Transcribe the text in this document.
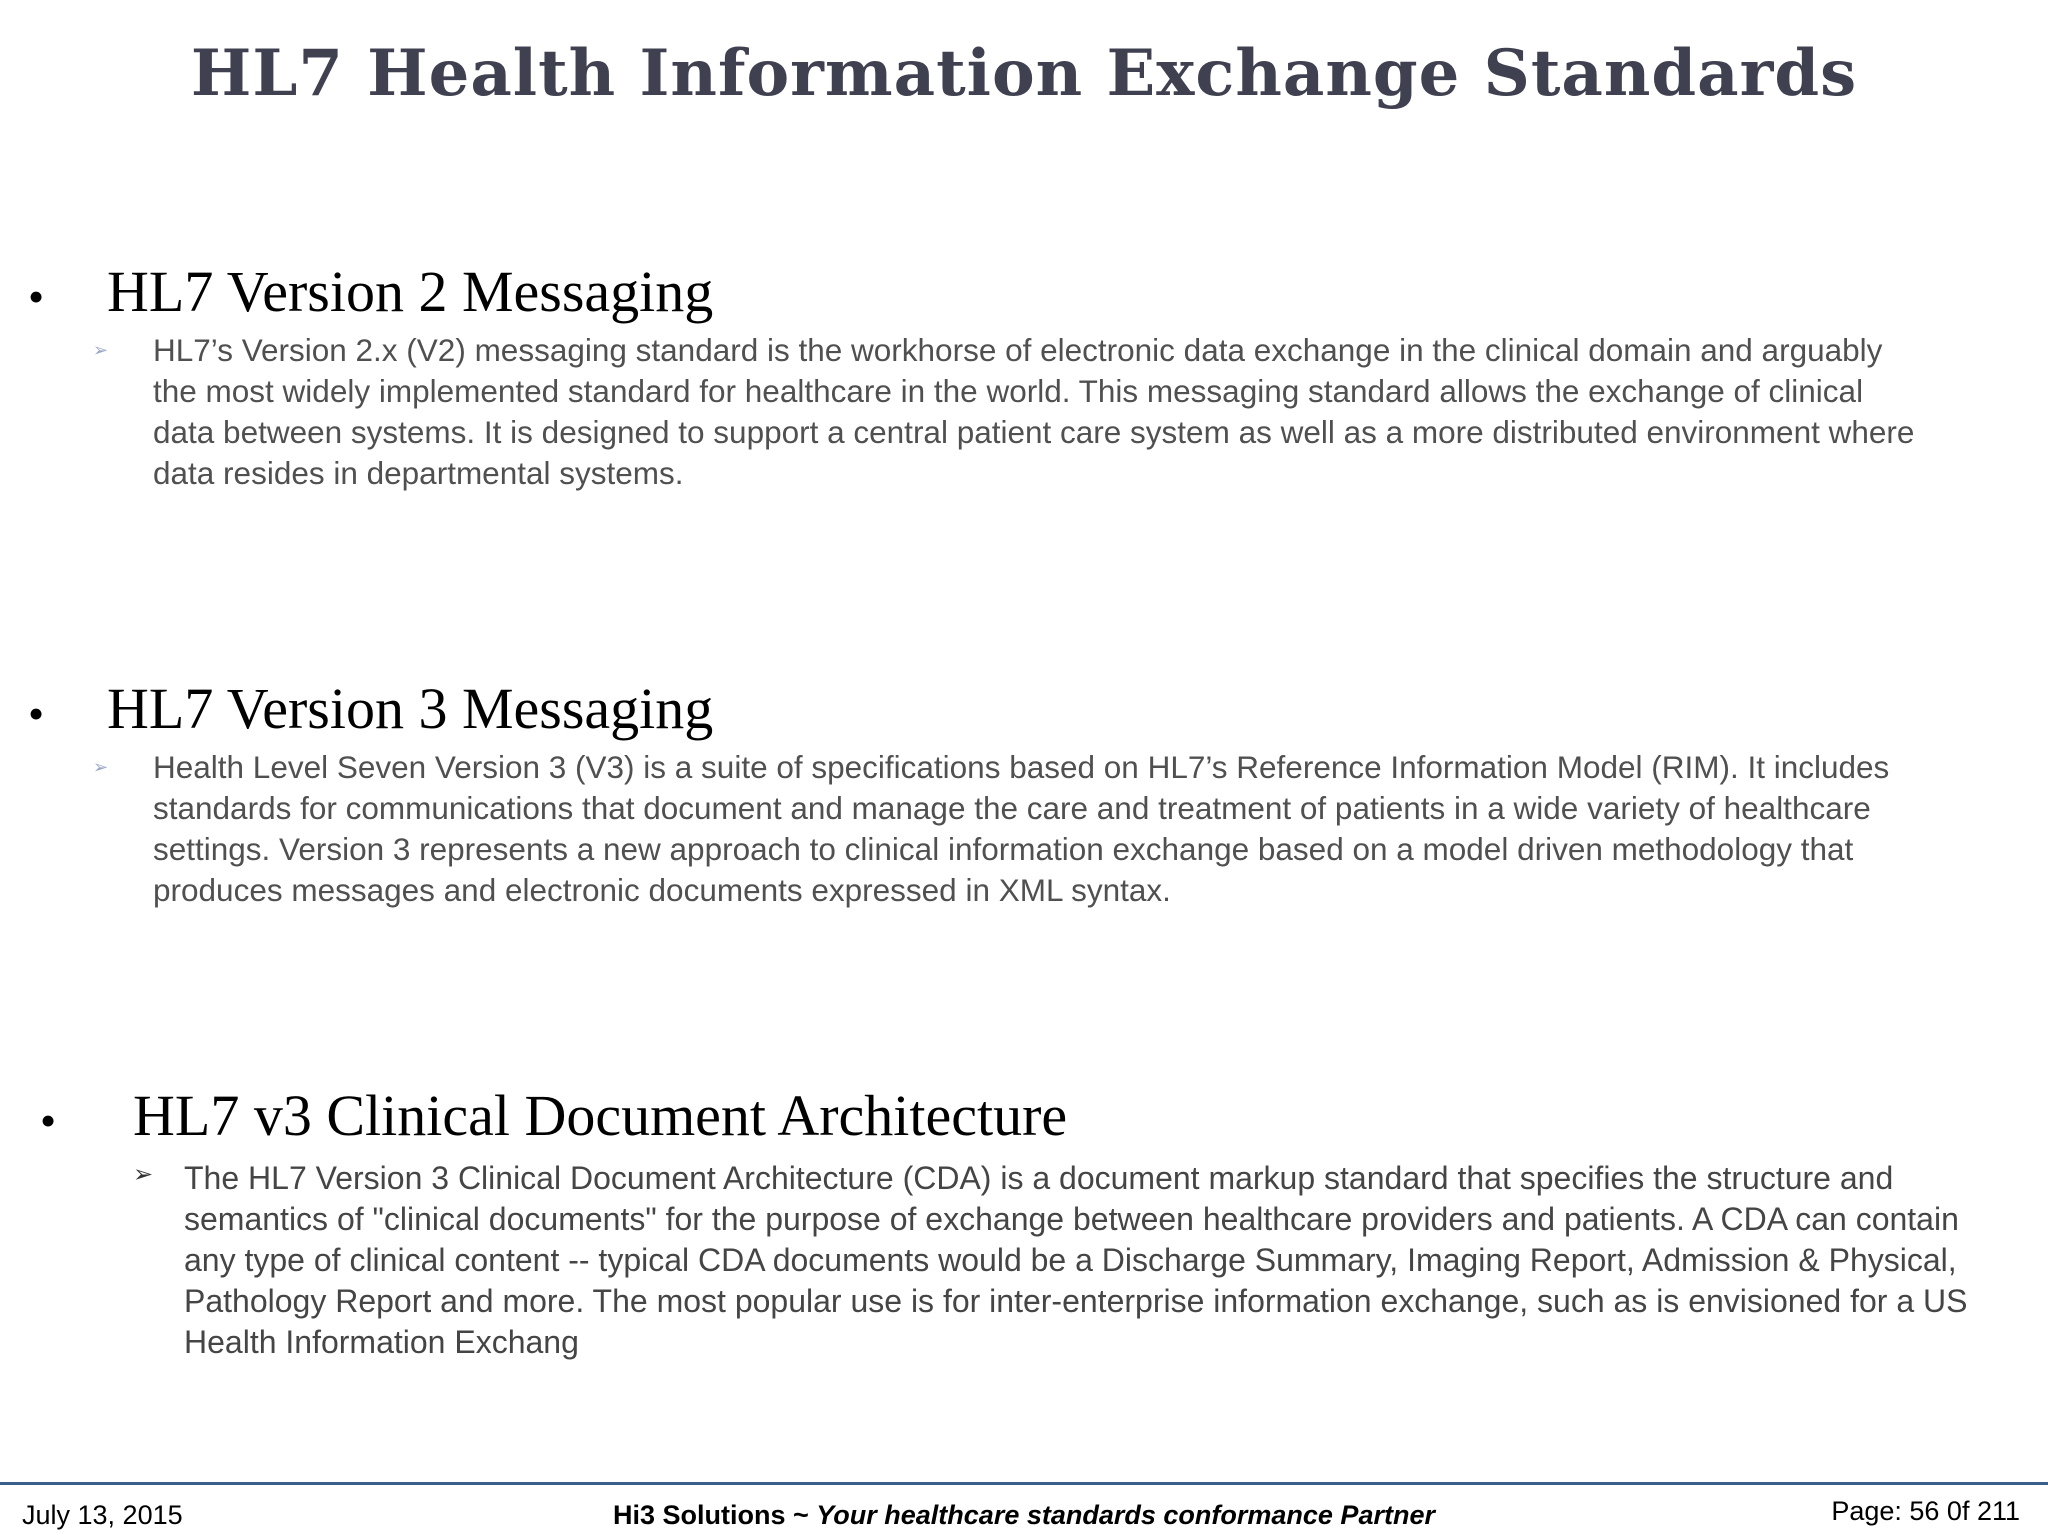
HL7 Health Information Exchange Standards
• HL7 Version 2 Messaging
➢ HL7’s Version 2.x (V2) messaging standard is the workhorse of electronic data exchange in the clinical domain and arguably the most widely implemented standard for healthcare in the world. This messaging standard allows the exchange of clinical data between systems. It is designed to support a central patient care system as well as a more distributed environment where data resides in departmental systems.

• HL7 Version 3 Messaging
➢ Health Level Seven Version 3 (V3) is a suite of specifications based on HL7’s Reference Information Model (RIM). It includes standards for communications that document and manage the care and treatment of patients in a wide variety of healthcare settings. Version 3 represents a new approach to clinical information exchange based on a model driven methodology that produces messages and electronic documents expressed in XML syntax.

• HL7 v3 Clinical Document Architecture
➢ The HL7 Version 3 Clinical Document Architecture (CDA) is a document markup standard that specifies the structure and semantics of "clinical documents" for the purpose of exchange between healthcare providers and patients. A CDA can contain any type of clinical content -- typical CDA documents would be a Discharge Summary, Imaging Report, Admission & Physical, Pathology Report and more. The most popular use is for inter-enterprise information exchange, such as is envisioned for a US Health Information Exchang

July 13, 2015	Hi3 Solutions ~ Your healthcare standards conformance Partner	Page: 56 0f 211
